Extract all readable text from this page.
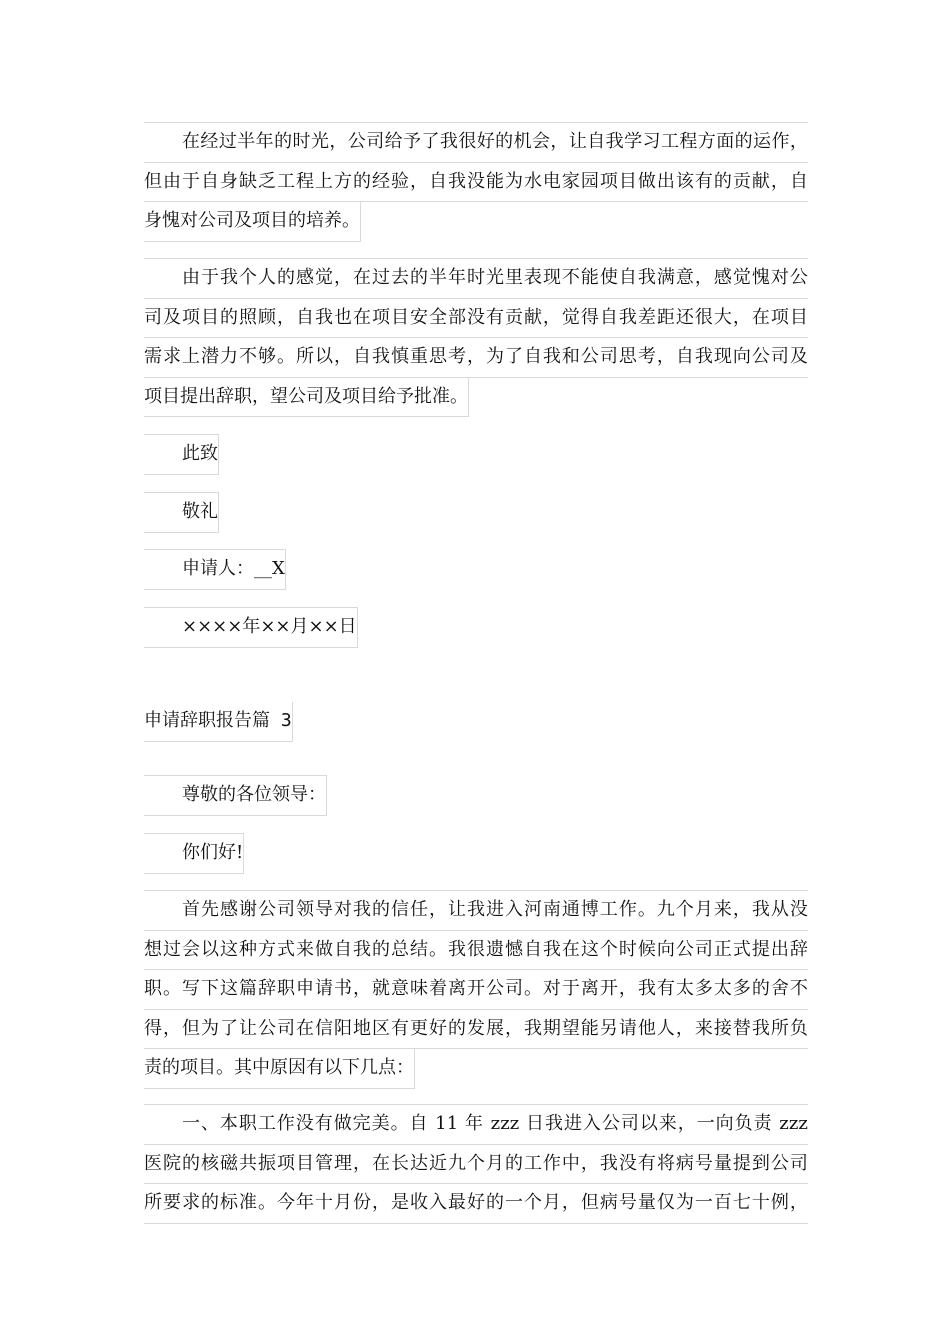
在经过半年的时光，公司给予了我很好的机会，让自我学习工程方面的运作，
但由于自身缺乏工程上方的经验，自我没能为水电家园项目做出该有的贡献，自
身愧对公司及项目的培养。
由于我个人的感觉，在过去的半年时光里表现不能使自我满意，感觉愧对公
司及项目的照顾，自我也在项目安全部没有贡献，觉得自我差距还很大，在项目
需求上潜力不够。所以，自我慎重思考，为了自我和公司思考，自我现向公司及
项目提出辞职，望公司及项目给予批准。
此致
敬礼
申请人：__X
××××年××月××日
申请辞职报告篇 3
尊敬的各位领导：
你们好!
首先感谢公司领导对我的信任，让我进入河南通博工作。九个月来，我从没
想过会以这种方式来做自我的总结。我很遗憾自我在这个时候向公司正式提出辞
职。写下这篇辞职申请书，就意味着离开公司。对于离开，我有太多太多的舍不
得，但为了让公司在信阳地区有更好的发展，我期望能另请他人，来接替我所负
责的项目。其中原因有以下几点：
一、本职工作没有做完美。自 11 年 zzz 日我进入公司以来，一向负责 zzz
医院的核磁共振项目管理，在长达近九个月的工作中，我没有将病号量提到公司
所要求的标准。今年十月份，是收入最好的一个月，但病号量仅为一百七十例，
